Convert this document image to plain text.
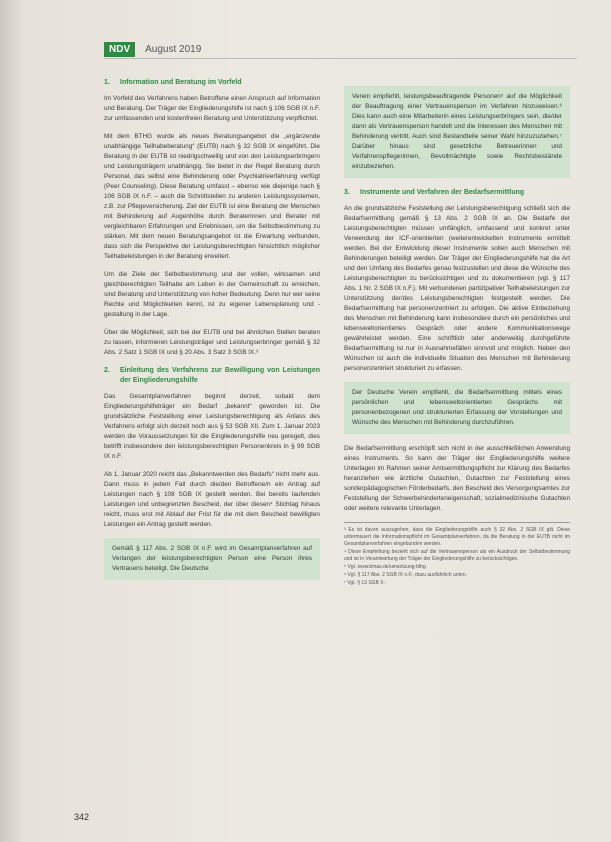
NDV	August 2019
1.	Information und Beratung im Vorfeld

Im Vorfeld des Verfahrens haben Betroffene einen Anspruch auf Information und Beratung. Der Träger der Eingliederungshilfe ist nach § 106 SGB IX n.F. zur umfassenden und kostenfreien Beratung und Unterstützung verpflichtet.

Mit dem BTHG wurde als neues Beratungsangebot die „ergänzende unabhängige Teilhabeberatung“ (EUTB) nach § 32 SGB IX eingeführt. Die Beratung in der EUTB ist niedrigschwellig und von den Leistungserbringern und Leistungsträgern unabhängig. Sie bietet in der Regel Beratung durch Personal, das selbst eine Behinderung oder Psychiatrieerfahrung verfügt (Peer Counseling). Diese Beratung umfasst – ebenso wie diejenige nach § 106 SGB IX n.F. – auch die Schnittstellen zu anderen Leistungssystemen, z.B. zur Pflegeversicherung. Ziel der EUTB ist eine Beratung der Menschen mit Behinderung auf Augenhöhe durch Beraterinnen und Berater mit vergleichbaren Erfahrungen und Erlebnissen, um die Selbstbestimmung zu stärken. Mit dem neuen Beratungsangebot ist die Erwartung verbunden, dass sich die Perspektive der Leistungsberechtigten hinsichtlich möglicher Teilhabeleistungen in der Beratung erweitert.

Um die Ziele der Selbstbestimmung und der vollen, wirksamen und gleichberechtigten Teilhabe am Leben in der Gemeinschaft zu erreichen, sind Beratung und Unterstützung von hoher Bedeutung. Denn nur wer seine Rechte und Möglichkeiten kennt, ist zu eigener Lebensplanung und -gestaltung in der Lage.

Über die Möglichkeit, sich bei der EUTB und bei ähnlichen Stellen beraten zu lassen, informieren Leistungsträger und Leistungserbringer gemäß § 32 Abs. 2 Satz 1 SGB IX und § 20 Abs. 3 Satz 3 SGB IX.³

2.	Einleitung des Verfahrens zur Bewilligung von Leistungen der Eingliederungshilfe

Das Gesamtplanverfahren beginnt derzeit, sobald dem Eingliederungshilfeträger ein Bedarf „bekannt“ geworden ist. Die grundsätzliche Feststellung einer Leistungsberechtigung als Anlass des Verfahrens erfolgt sich derzeit noch aus § 53 SGB XII. Zum 1. Januar 2023 werden die Voraussetzungen für die Eingliederungshilfe neu geregelt, dies betrifft insbesondere den leistungsberechtigten Personenkreis in § 99 SGB IX n.F.

Ab 1. Januar 2020 reicht das „Bekanntwerden des Bedarfs“ nicht mehr aus. Dann muss in jedem Fall durch die/den Betroffene/n ein Antrag auf Leistungen nach § 108 SGB IX gestellt werden. Bei bereits laufenden Leistungen und unbegrenzten Bescheid, der über diesen⁴ Stichtag hinaus reicht, muss erst mit Ablauf der Frist für die mit dem Bescheid bewilligten Leistungen ein Antrag gestellt werden.

Gemäß § 117 Abs. 2 SGB IX n.F. wird im Gesamtplanverfahren auf Verlangen der leistungsberechtigten Person eine Person ihres Vertrauens beteiligt. Die Deutsche
Verein empfiehlt, leistungsbeauftragende Personen⁵ auf die Möglichkeit der Beauftragung einer Vertrauensperson im Verfahren hinzuweisen.⁶ Dies kann auch eine Mitarbeiterin eines Leistungserbringers sein, die/der dann als Vertrauensperson handelt und die Interessen des Menschen mit Behinderung vertritt. Auch sind Bestandteile seiner Wahl hinzuzuziehen.⁷ Darüber hinaus sind gesetzliche Betreuerinnen und Verfahrenspflegerinnen, Bevollmächtigte sowie Rechtsbeistände einzubeziehen.
3.	Instrumente und Verfahren der Bedarfsermittlung

An die grundsätzliche Feststellung der Leistungsberechtigung schließt sich die Bedarfsermittlung gemäß § 13 Abs. 2 SGB IX an. Die Bedarfe der Leistungsberechtigten müssen umfänglich, umfassend und konkret unter Verwendung der ICF-orientierten (weiterentwickelten Instrumente ermittelt werden. Bei der Entwicklung dieser Instrumente sollen auch Menschen mit Behinderungen beteiligt werden. Der Träger der Eingliederungshilfe hat die Art und den Umfang des Bedarfes genau festzustellen und diese die Wünsche des Leistungsberechtigten zu berücksichtigen und zu dokumentieren (vgl. § 117 Abs. 1 Nr. 2 SGB IX n.F.). Mit verbundenen partizipativer Teilhabeleistungen zur Unterstützung der/des Leistungsberechtigten festgestellt werden. Die Bedarfsermittlung hat personenzentriert zu erfolgen. Die aktive Einbeziehung des Menschen mit Behinderung kann insbesondere durch ein persönliches und lebensweltorientiertes Gespräch oder andere Kommunikationswege gewährleistet werden. Eine schriftlich oder anderweitig durchgeführte Bedarfsermittlung ist nur in Ausnahmefällen sinnvoll und möglich. Neben den Wünschen ist auch die individuelle Situation des Menschen mit Behinderung personenzentriert strukturiert zu erfassen.

Der Deutsche Verein empfiehlt, die Bedarfsermittlung mittels eines persönlichen und lebensweltorientierten Gesprächs mit personenbezogenen und strukturierten Erfassung der Vorstellungen und Wünsche des Menschen mit Behinderung durchzuführen.

Die Bedarfsermittlung erschöpft sich nicht in der ausschließlichen Anwendung eines Instruments. So kann der Träger der Eingliederungshilfe weitere Unterlagen im Rahmen seiner Amtsermittlungspflicht zur Klärung des Bedarfes heranziehen wie ärztliche Gutachten, Gutachten zur Feststellung eines sonderpädagogischen Förderbedarfs, den Bescheid des Versorgungsamtes zur Feststellung der Schwerbehinderteneigenschaft, sozialmedizinische Gutachten oder weitere relevante Unterlagen.

³ Es ist davon auszugehen, dass die Eingliederungshilfe auch § 32 Abs. 2 SGB IX gilt. Diese untermauert die Informationspflicht im Gesamtplanverfahren, da die Beratung in der EUTB nicht im Gesamtplanverfahren eingebunden werden.
⁴ Diese Empfehlung bezieht sich auf die Vertrauensperson als ein Ausdruck der Selbstbestimmung und ist in Verantwortung der Träger der Eingliederungshilfe zu berücksichtigen.
⁵ Vgl. www.bmas.de/umsetzung-bthg
⁶ Vgl. § 117 Abs. 2 SGB IX n.F.; dazu ausführlich unten.
⁷ Vgl. § 13 SGB X.
342
